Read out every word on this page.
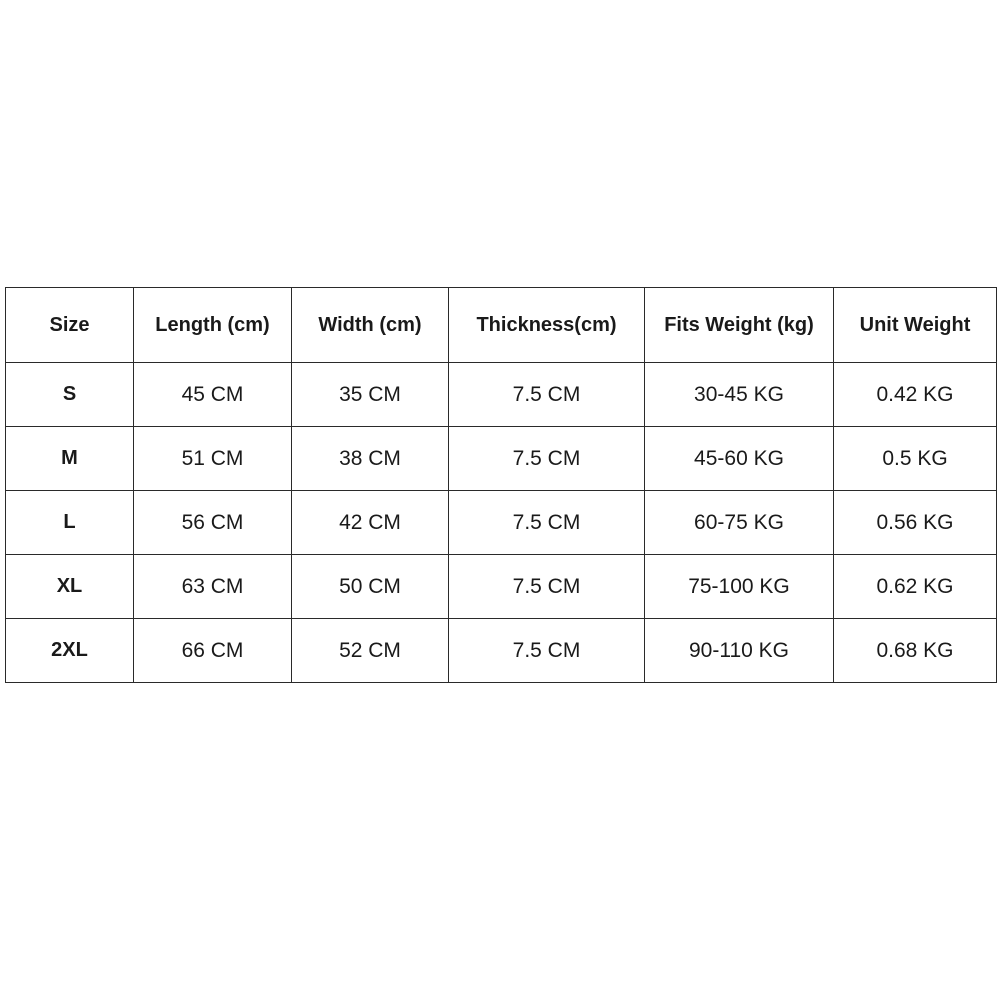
Size	Length (cm)	Width (cm)	Thickness(cm)	Fits Weight (kg)	Unit Weight
S	45 CM	35 CM	7.5 CM	30-45 KG	0.42 KG
M	51 CM	38 CM	7.5 CM	45-60 KG	0.5 KG
L	56 CM	42 CM	7.5 CM	60-75 KG	0.56 KG
XL	63 CM	50 CM	7.5 CM	75-100 KG	0.62 KG
2XL	66 CM	52 CM	7.5 CM	90-110 KG	0.68 KG
